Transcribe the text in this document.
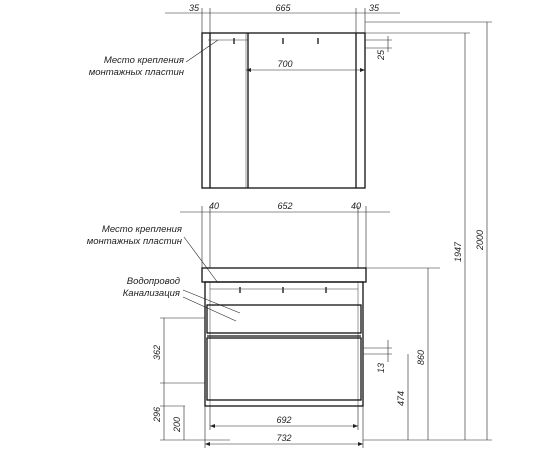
35	665	35
700
25
Место крепления
монтажных пластин
40	652	40
Место крепления
монтажных пластин
Водопровод
Канализация
362
296
200	692
732
13
474
860
1947
2000
